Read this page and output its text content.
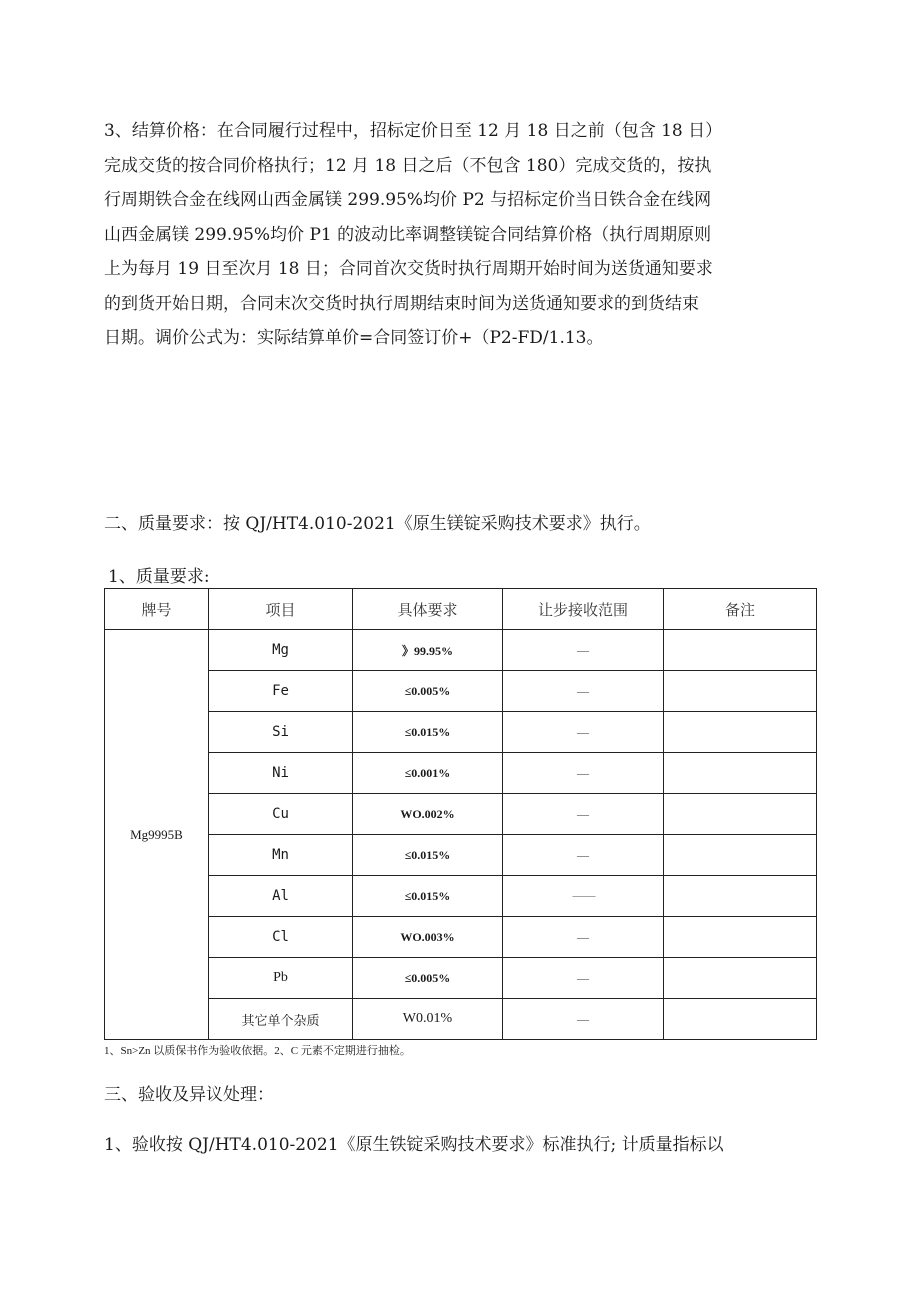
3、结算价格：在合同履行过程中，招标定价日至 12 月 18 日之前（包含 18 日）
完成交货的按合同价格执行；12 月 18 日之后（不包含 180）完成交货的，按执
行周期铁合金在线网山西金属镁 299.95%均价 P2 与招标定价当日铁合金在线网
山西金属镁 299.95%均价 P1 的波动比率调整镁锭合同结算价格（执行周期原则
上为每月 19 日至次月 18 日；合同首次交货时执行周期开始时间为送货通知要求
的到货开始日期，合同末次交货时执行周期结束时间为送货通知要求的到货结束
日期。调价公式为：实际结算单价=合同签订价+（P2-FD/1.13。
二、质量要求：按 QJ/HT4.010-2021《原生镁锭采购技术要求》执行。
1、质量要求:
牌号	项目	具体要求	让步接收范围	备注
Mg9995B	Mg	》99.95%	—	
	Fe	≤0.005%	—	
	Si	≤0.015%	—	
	Ni	≤0.001%	—	
	Cu	WO.002%	—	
	Mn	≤0.015%	—	
	Al	≤0.015%	———	
	Cl	WO.003%	—	
	Pb	≤0.005%	—	
	其它单个杂质	W0.01%	—	
1、Sn>Zn 以质保书作为验收依据。2、C 元素不定期进行抽检。
三、验收及异议处理：
1、验收按 QJ/HT4.010-2021《原生铁锭采购技术要求》标准执行; 计质量指标以
